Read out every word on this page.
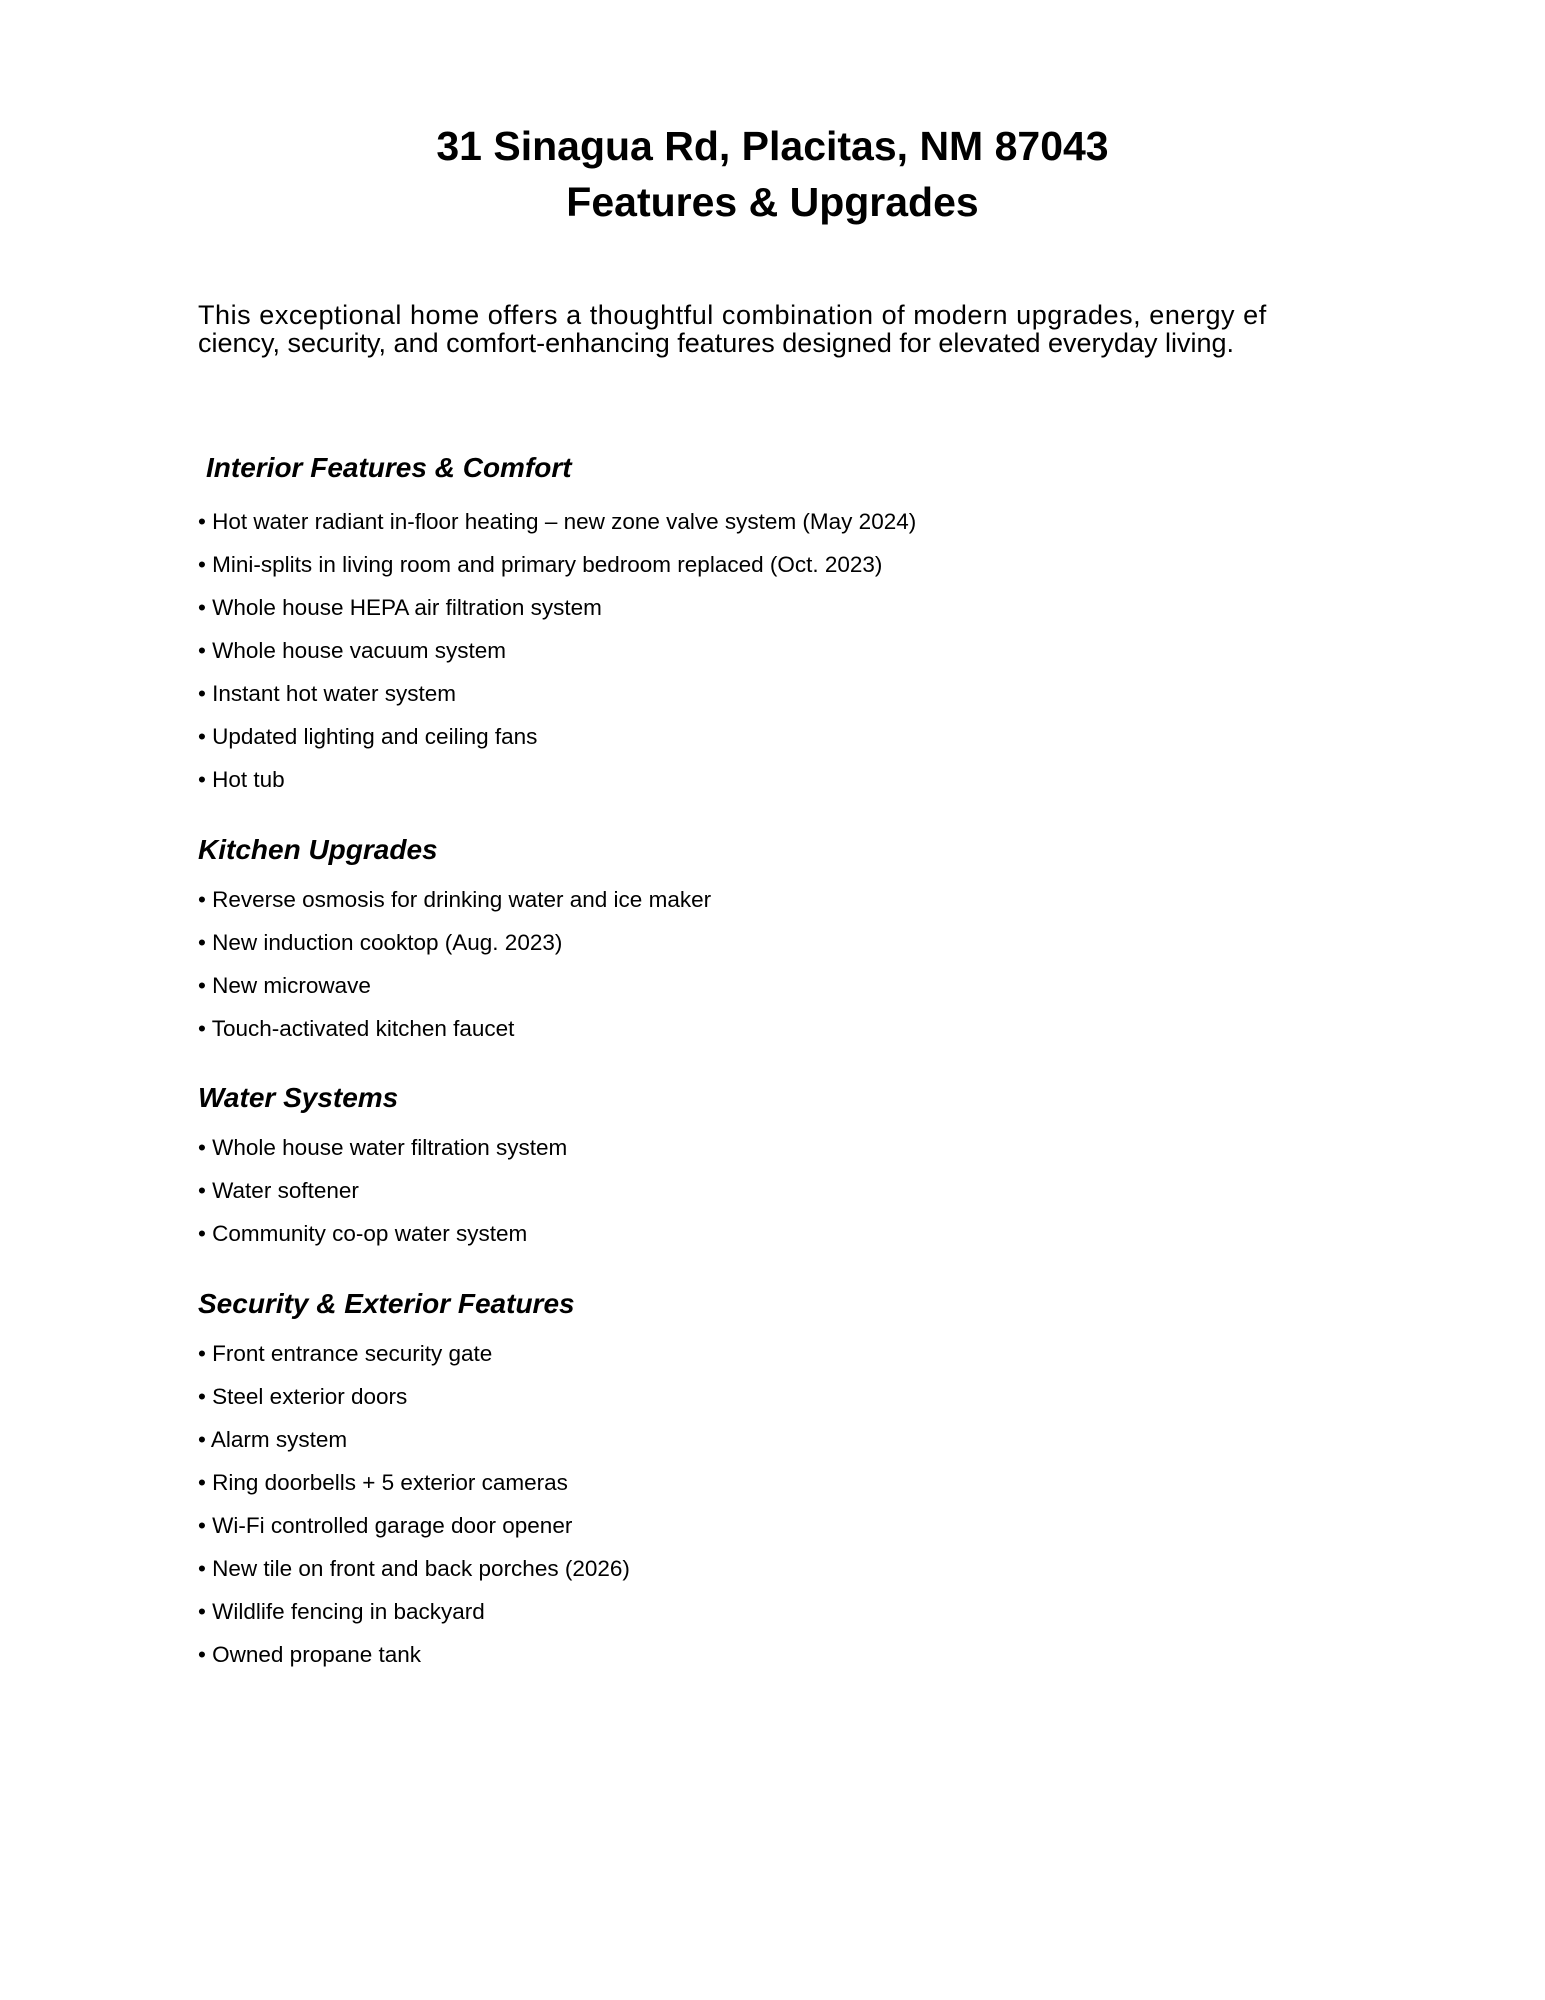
31 Sinagua Rd, Placitas, NM 87043
Features & Upgrades

This exceptional home offers a thoughtful combination of modern upgrades, energy ef
ciency, security, and comfort-enhancing features designed for elevated everyday living.

Interior Features & Comfort
• Hot water radiant in-floor heating – new zone valve system (May 2024)
• Mini-splits in living room and primary bedroom replaced (Oct. 2023)
• Whole house HEPA air filtration system
• Whole house vacuum system
• Instant hot water system
• Updated lighting and ceiling fans
• Hot tub
Kitchen Upgrades
• Reverse osmosis for drinking water and ice maker
• New induction cooktop (Aug. 2023)
• New microwave
• Touch-activated kitchen faucet
Water Systems
• Whole house water filtration system
• Water softener
• Community co-op water system
Security & Exterior Features
• Front entrance security gate
• Steel exterior doors
• Alarm system
• Ring doorbells + 5 exterior cameras
• Wi-Fi controlled garage door opener
• New tile on front and back porches (2026)
• Wildlife fencing in backyard
• Owned propane tank
